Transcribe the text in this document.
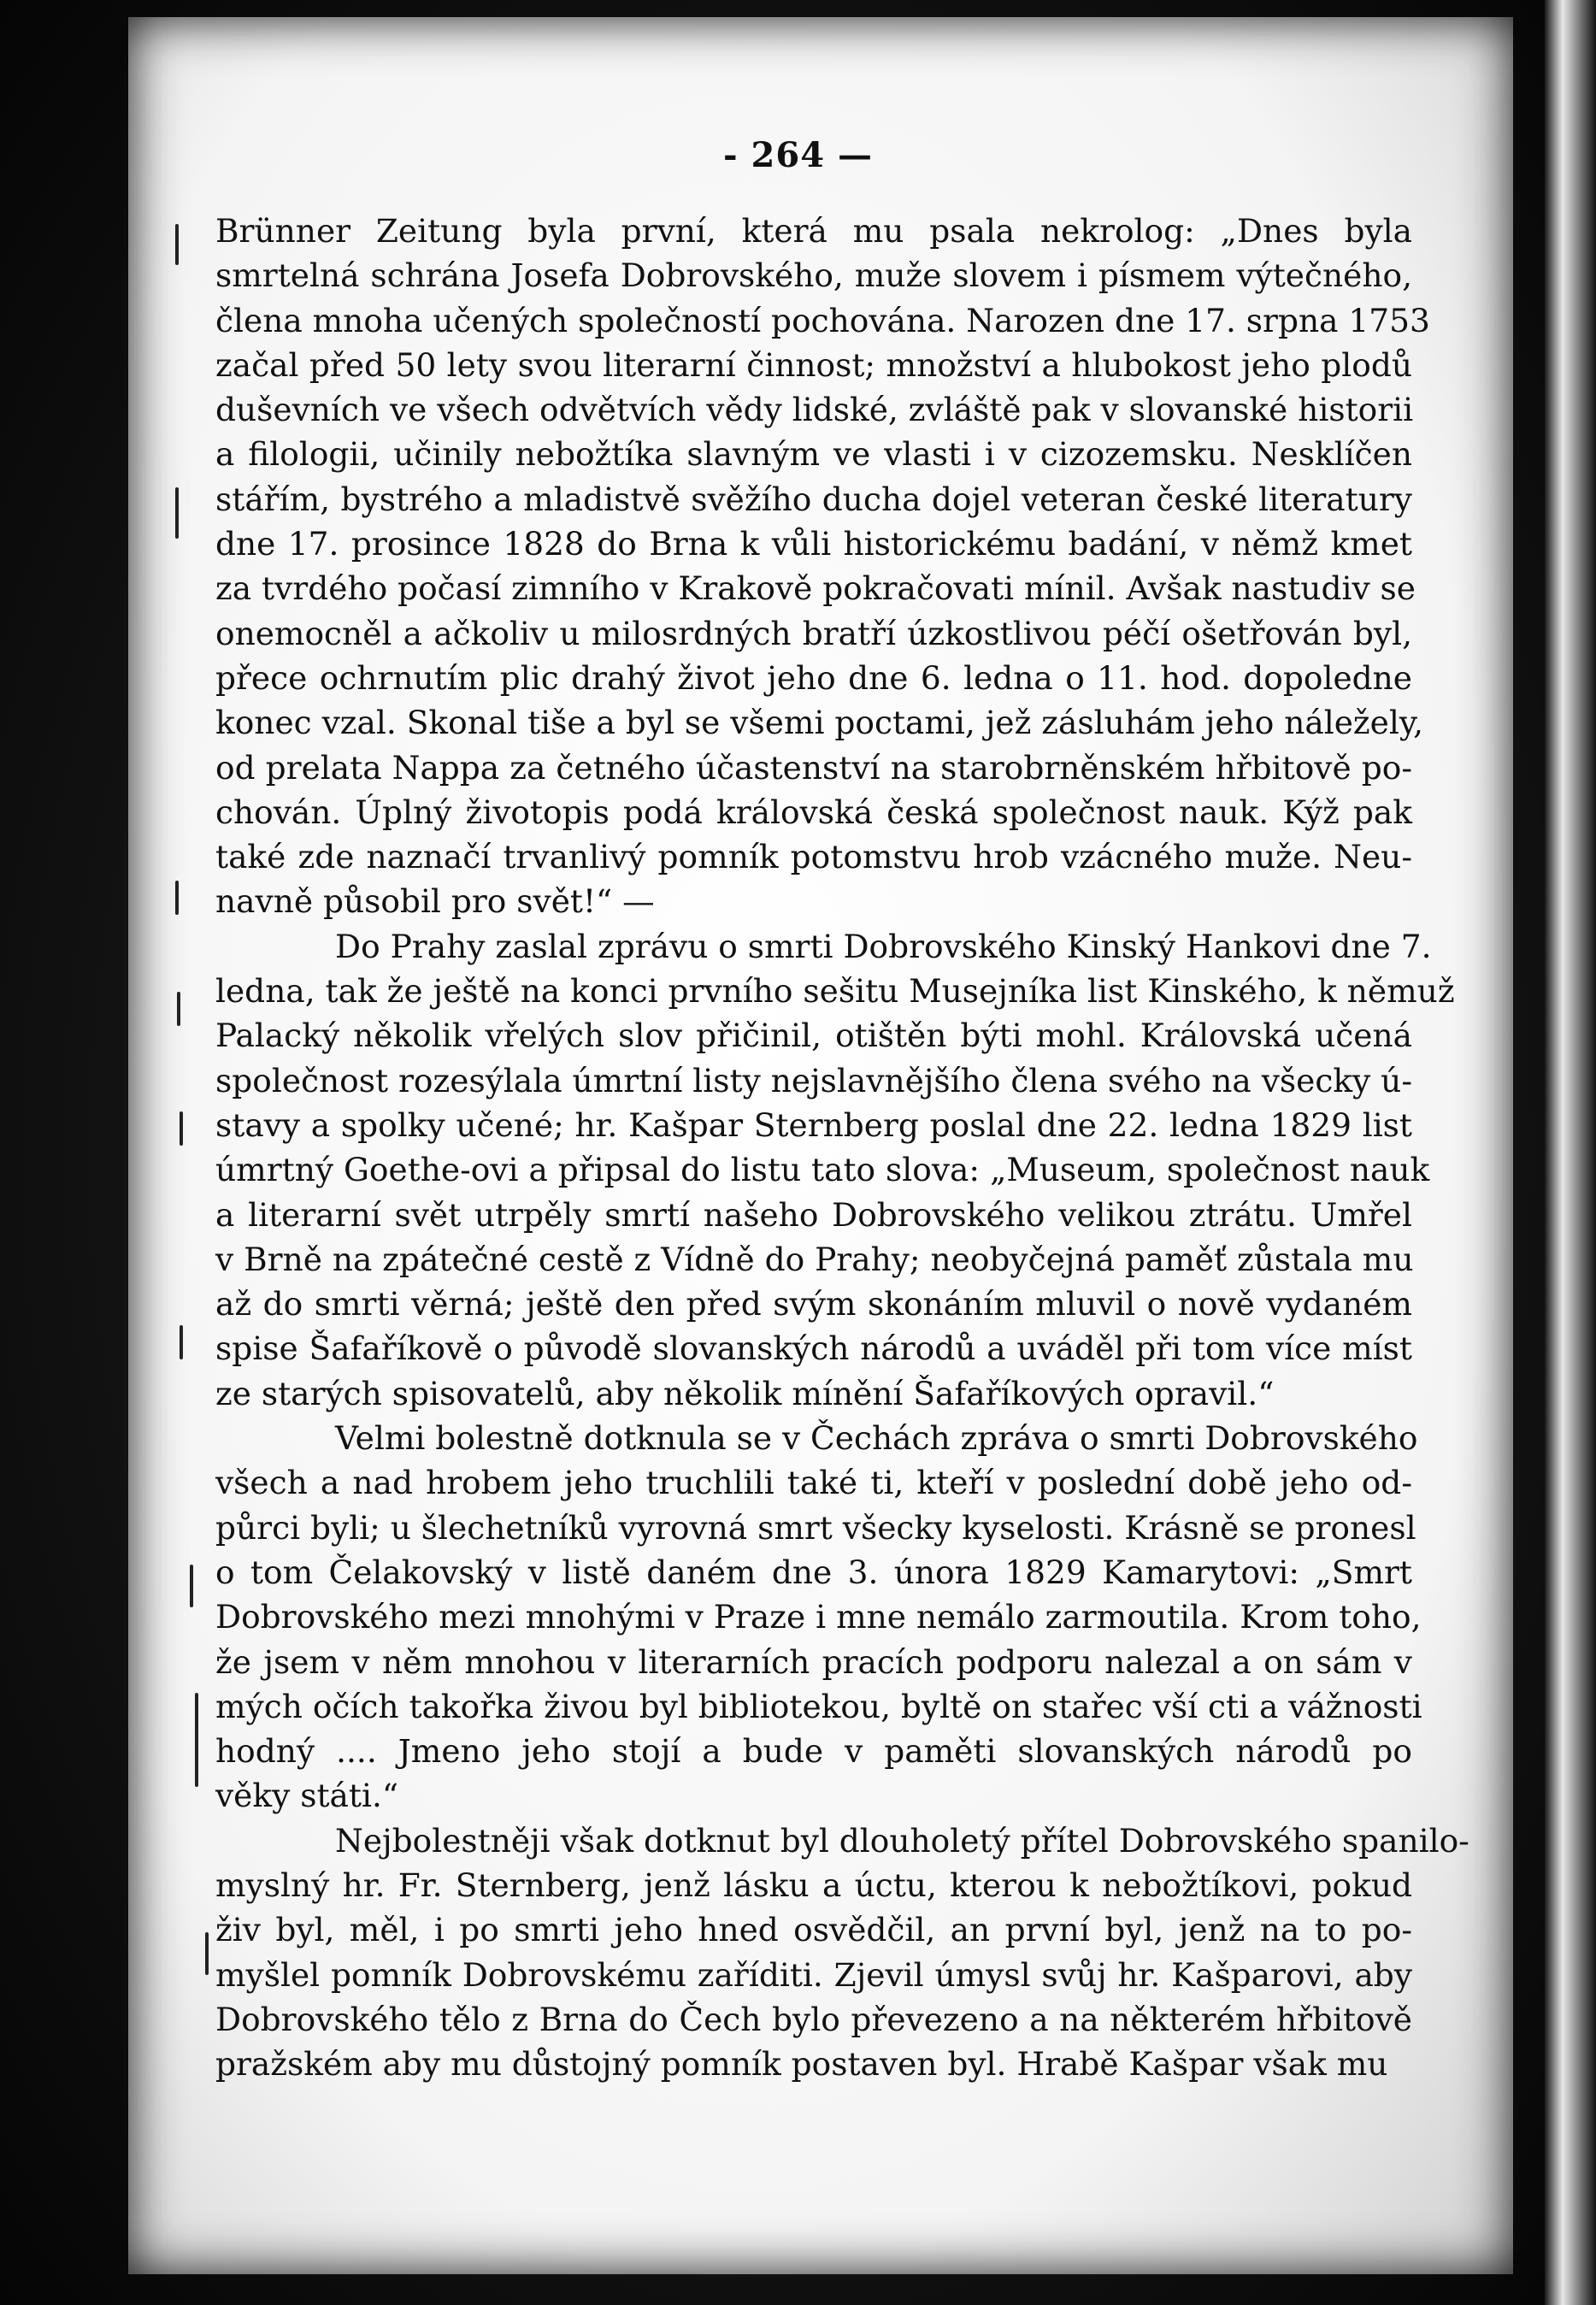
- 264 —
Brünner Zeitung byla první, která mu psala nekrolog: „Dnes byla
smrtelná schrána Josefa Dobrovského, muže slovem i písmem výtečného,
člena mnoha učených společností pochována. Narozen dne 17. srpna 1753
začal před 50 lety svou literarní činnost; množství a hlubokost jeho plodů
duševních ve všech odvětvích vědy lidské, zvláště pak v slovanské historii
a filologii, učinily nebožtíka slavným ve vlasti i v cizozemsku. Nesklíčen
stářím, bystrého a mladistvě svěžího ducha dojel veteran české literatury
dne 17. prosince 1828 do Brna k vůli historickému badání, v němž kmet
za tvrdého počasí zimního v Krakově pokračovati mínil. Avšak nastudiv se
onemocněl a ačkoliv u milosrdných bratří úzkostlivou péčí ošetřován byl,
přece ochrnutím plic drahý život jeho dne 6. ledna o 11. hod. dopoledne
konec vzal. Skonal tiše a byl se všemi poctami, jež zásluhám jeho náležely,
od prelata Nappa za četného účastenství na starobrněnském hřbitově po-
chován. Úplný životopis podá královská česká společnost nauk. Kýž pak
také zde naznačí trvanlivý pomník potomstvu hrob vzácného muže. Neu-
navně působil pro svět!“ —
Do Prahy zaslal zprávu o smrti Dobrovského Kinský Hankovi dne 7.
ledna, tak že ještě na konci prvního sešitu Musejníka list Kinského, k němuž
Palacký několik vřelých slov přičinil, otištěn býti mohl. Královská učená
společnost rozesýlala úmrtní listy nejslavnějšího člena svého na všecky ú-
stavy a spolky učené; hr. Kašpar Sternberg poslal dne 22. ledna 1829 list
úmrtný Goethe-ovi a připsal do listu tato slova: „Museum, společnost nauk
a literarní svět utrpěly smrtí našeho Dobrovského velikou ztrátu. Umřel
v Brně na zpátečné cestě z Vídně do Prahy; neobyčejná paměť zůstala mu
až do smrti věrná; ještě den před svým skonáním mluvil o nově vydaném
spise Šafaříkově o původě slovanských národů a uváděl při tom více míst
ze starých spisovatelů, aby několik mínění Šafaříkových opravil.“
Velmi bolestně dotknula se v Čechách zpráva o smrti Dobrovského
všech a nad hrobem jeho truchlili také ti, kteří v poslední době jeho od-
půrci byli; u šlechetníků vyrovná smrt všecky kyselosti. Krásně se pronesl
o tom Čelakovský v listě daném dne 3. února 1829 Kamarytovi: „Smrt
Dobrovského mezi mnohými v Praze i mne nemálo zarmoutila. Krom toho,
že jsem v něm mnohou v literarních pracích podporu nalezal a on sám v
mých očích takořka živou byl bibliotekou, byltě on stařec vší cti a vážnosti
hodný .... Jmeno jeho stojí a bude v paměti slovanských národů po
věky státi.“
Nejbolestněji však dotknut byl dlouholetý přítel Dobrovského spanilo-
myslný hr. Fr. Sternberg, jenž lásku a úctu, kterou k nebožtíkovi, pokud
živ byl, měl, i po smrti jeho hned osvědčil, an první byl, jenž na to po-
myšlel pomník Dobrovskému zaříditi. Zjevil úmysl svůj hr. Kašparovi, aby
Dobrovského tělo z Brna do Čech bylo převezeno a na některém hřbitově
pražském aby mu důstojný pomník postaven byl. Hrabě Kašpar však mu
